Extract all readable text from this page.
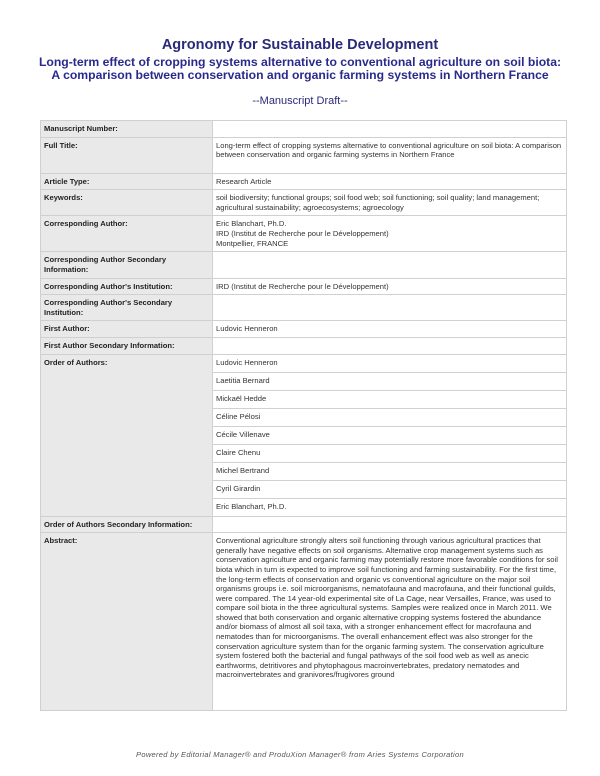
Agronomy for Sustainable Development
Long-term effect of cropping systems alternative to conventional agriculture on soil biota: A comparison between conservation and organic farming systems in Northern France
--Manuscript Draft--
Manuscript Number:	
Full Title:	Long-term effect of cropping systems alternative to conventional agriculture on soil biota: A comparison between conservation and organic farming systems in Northern France
Article Type:	Research Article
Keywords:	soil biodiversity; functional groups; soil food web; soil functioning; soil quality; land management; agricultural sustainability; agroecosystems; agroecology
Corresponding Author:	Eric Blanchart, Ph.D.
IRD (Institut de Recherche pour le Développement)
Montpellier, FRANCE

Corresponding Author Secondary Information:	
Corresponding Author's Institution:	IRD (Institut de Recherche pour le Développement)
Corresponding Author's Secondary Institution:	
First Author:	Ludovic Henneron
First Author Secondary Information:	
Order of Authors:	Ludovic Henneron
	Laetitia Bernard
	Mickaël Hedde
	Céline Pélosi
	Cécile Villenave
	Claire Chenu
	Michel Bertrand
	Cyril Girardin
	Eric Blanchart, Ph.D.
Order of Authors Secondary Information:	
Abstract:	Conventional agriculture strongly alters soil functioning through various agricultural practices that generally have negative effects on soil organisms. Alternative crop management systems such as conservation agriculture and organic farming may potentially restore more favorable conditions for soil biota which in turn is expected to improve soil functioning and farming sustainability. For the first time, the long-term effects of conservation and organic vs conventional agriculture on the major soil organisms groups i.e. soil microorganisms, nematofauna and macrofauna, and their functional guilds, were compared. The 14 year-old experimental site of La Cage, near Versailles, France, was used to compare soil biota in the three agricultural systems. Samples were realized once in March 2011. We showed that both conservation and organic alternative cropping systems fostered the abundance and/or biomass of almost all soil taxa, with a stronger enhancement effect for macrofauna and nematodes than for microorganisms. The overall enhancement effect was also stronger for the conservation agriculture system than for the organic farming system. The conservation agriculture system fostered both the bacterial and fungal pathways of the soil food web as well as anecic earthworms, detritivores and phytophagous macroinvertebrates, predatory nematodes and macroinvertebrates and granivores/frugivores ground
Powered by Editorial Manager® and ProduXion Manager® from Aries Systems Corporation
